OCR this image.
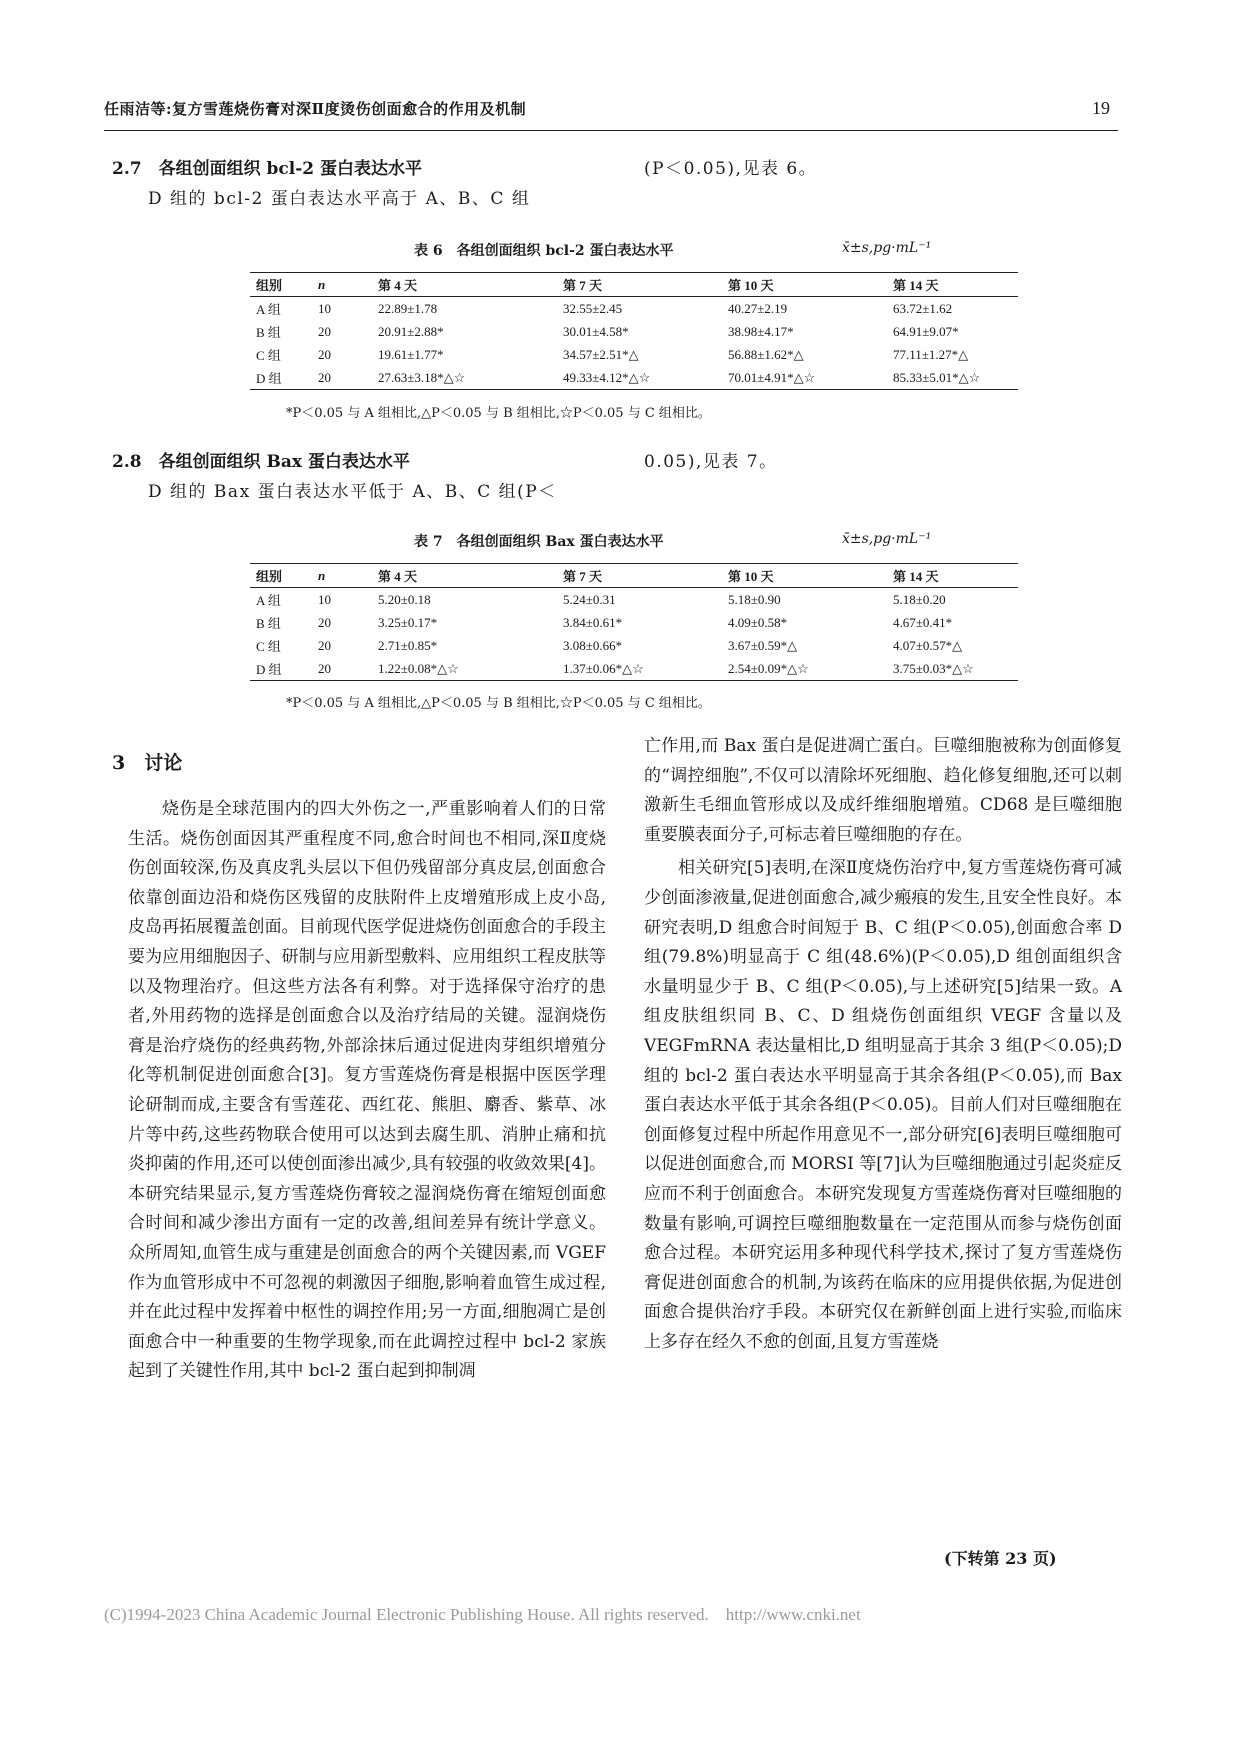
任雨洁等:复方雪莲烧伤膏对深Ⅱ度烫伤创面愈合的作用及机制	19
2.7　各组创面组织 bcl-2 蛋白表达水平
D 组的 bcl-2 蛋白表达水平高于 A、B、C 组
(P＜0.05),见表 6。
表 6　各组创面组织 bcl-2 蛋白表达水平	x̄±s,pg·mL⁻¹
组别	n	第 4 天	第 7 天	第 10 天	第 14 天
A 组	10	22.89±1.78	32.55±2.45	40.27±2.19	63.72±1.62
B 组	20	20.91±2.88*	30.01±4.58*	38.98±4.17*	64.91±9.07*
C 组	20	19.61±1.77*	34.57±2.51*△	56.88±1.62*△	77.11±1.27*△
D 组	20	27.63±3.18*△☆	49.33±4.12*△☆	70.01±4.91*△☆	85.33±5.01*△☆
*P＜0.05 与 A 组相比,△P＜0.05 与 B 组相比,☆P＜0.05 与 C 组相比。
2.8　各组创面组织 Bax 蛋白表达水平
D 组的 Bax 蛋白表达水平低于 A、B、C 组(P＜
0.05),见表 7。
表 7　各组创面组织 Bax 蛋白表达水平	x̄±s,pg·mL⁻¹
组别	n	第 4 天	第 7 天	第 10 天	第 14 天
A 组	10	5.20±0.18	5.24±0.31	5.18±0.90	5.18±0.20
B 组	20	3.25±0.17*	3.84±0.61*	4.09±0.58*	4.67±0.41*
C 组	20	2.71±0.85*	3.08±0.66*	3.67±0.59*△	4.07±0.57*△
D 组	20	1.22±0.08*△☆	1.37±0.06*△☆	2.54±0.09*△☆	3.75±0.03*△☆
*P＜0.05 与 A 组相比,△P＜0.05 与 B 组相比,☆P＜0.05 与 C 组相比。
3　讨论

烧伤是全球范围内的四大外伤之一,严重影响着人们的日常生活。烧伤创面因其严重程度不同,愈合时间也不相同,深Ⅱ度烧伤创面较深,伤及真皮乳头层以下但仍残留部分真皮层,创面愈合依靠创面边沿和烧伤区残留的皮肤附件上皮增殖形成上皮小岛,皮岛再拓展覆盖创面。目前现代医学促进烧伤创面愈合的手段主要为应用细胞因子、研制与应用新型敷料、应用组织工程皮肤等以及物理治疗。但这些方法各有利弊。对于选择保守治疗的患者,外用药物的选择是创面愈合以及治疗结局的关键。湿润烧伤膏是治疗烧伤的经典药物,外部涂抹后通过促进肉芽组织增殖分化等机制促进创面愈合[3]。复方雪莲烧伤膏是根据中医医学理论研制而成,主要含有雪莲花、西红花、熊胆、麝香、紫草、冰片等中药,这些药物联合使用可以达到去腐生肌、消肿止痛和抗炎抑菌的作用,还可以使创面渗出减少,具有较强的收敛效果[4]。本研究结果显示,复方雪莲烧伤膏较之湿润烧伤膏在缩短创面愈合时间和减少渗出方面有一定的改善,组间差异有统计学意义。众所周知,血管生成与重建是创面愈合的两个关键因素,而 VGEF 作为血管形成中不可忽视的刺激因子细胞,影响着血管生成过程,并在此过程中发挥着中枢性的调控作用;另一方面,细胞凋亡是创面愈合中一种重要的生物学现象,而在此调控过程中 bcl-2 家族起到了关键性作用,其中 bcl-2 蛋白起到抑制凋

亡作用,而 Bax 蛋白是促进凋亡蛋白。巨噬细胞被称为创面修复的“调控细胞”,不仅可以清除坏死细胞、趋化修复细胞,还可以刺激新生毛细血管形成以及成纤维细胞增殖。CD68 是巨噬细胞重要膜表面分子,可标志着巨噬细胞的存在。

相关研究[5]表明,在深Ⅱ度烧伤治疗中,复方雪莲烧伤膏可减少创面渗液量,促进创面愈合,减少瘢痕的发生,且安全性良好。本研究表明,D 组愈合时间短于 B、C 组(P＜0.05),创面愈合率 D 组(79.8%)明显高于 C 组(48.6%)(P＜0.05),D 组创面组织含水量明显少于 B、C 组(P＜0.05),与上述研究[5]结果一致。A 组皮肤组织同 B、C、D 组烧伤创面组织 VEGF 含量以及 VEGFmRNA 表达量相比,D 组明显高于其余 3 组(P＜0.05);D 组的 bcl-2 蛋白表达水平明显高于其余各组(P＜0.05),而 Bax 蛋白表达水平低于其余各组(P＜0.05)。目前人们对巨噬细胞在创面修复过程中所起作用意见不一,部分研究[6]表明巨噬细胞可以促进创面愈合,而 MORSI 等[7]认为巨噬细胞通过引起炎症反应而不利于创面愈合。本研究发现复方雪莲烧伤膏对巨噬细胞的数量有影响,可调控巨噬细胞数量在一定范围从而参与烧伤创面愈合过程。本研究运用多种现代科学技术,探讨了复方雪莲烧伤膏促进创面愈合的机制,为该药在临床的应用提供依据,为促进创面愈合提供治疗手段。本研究仅在新鲜创面上进行实验,而临床上多存在经久不愈的创面,且复方雪莲烧

(下转第 23 页)
(C)1994-2023 China Academic Journal Electronic Publishing House. All rights reserved.　http://www.cnki.net
